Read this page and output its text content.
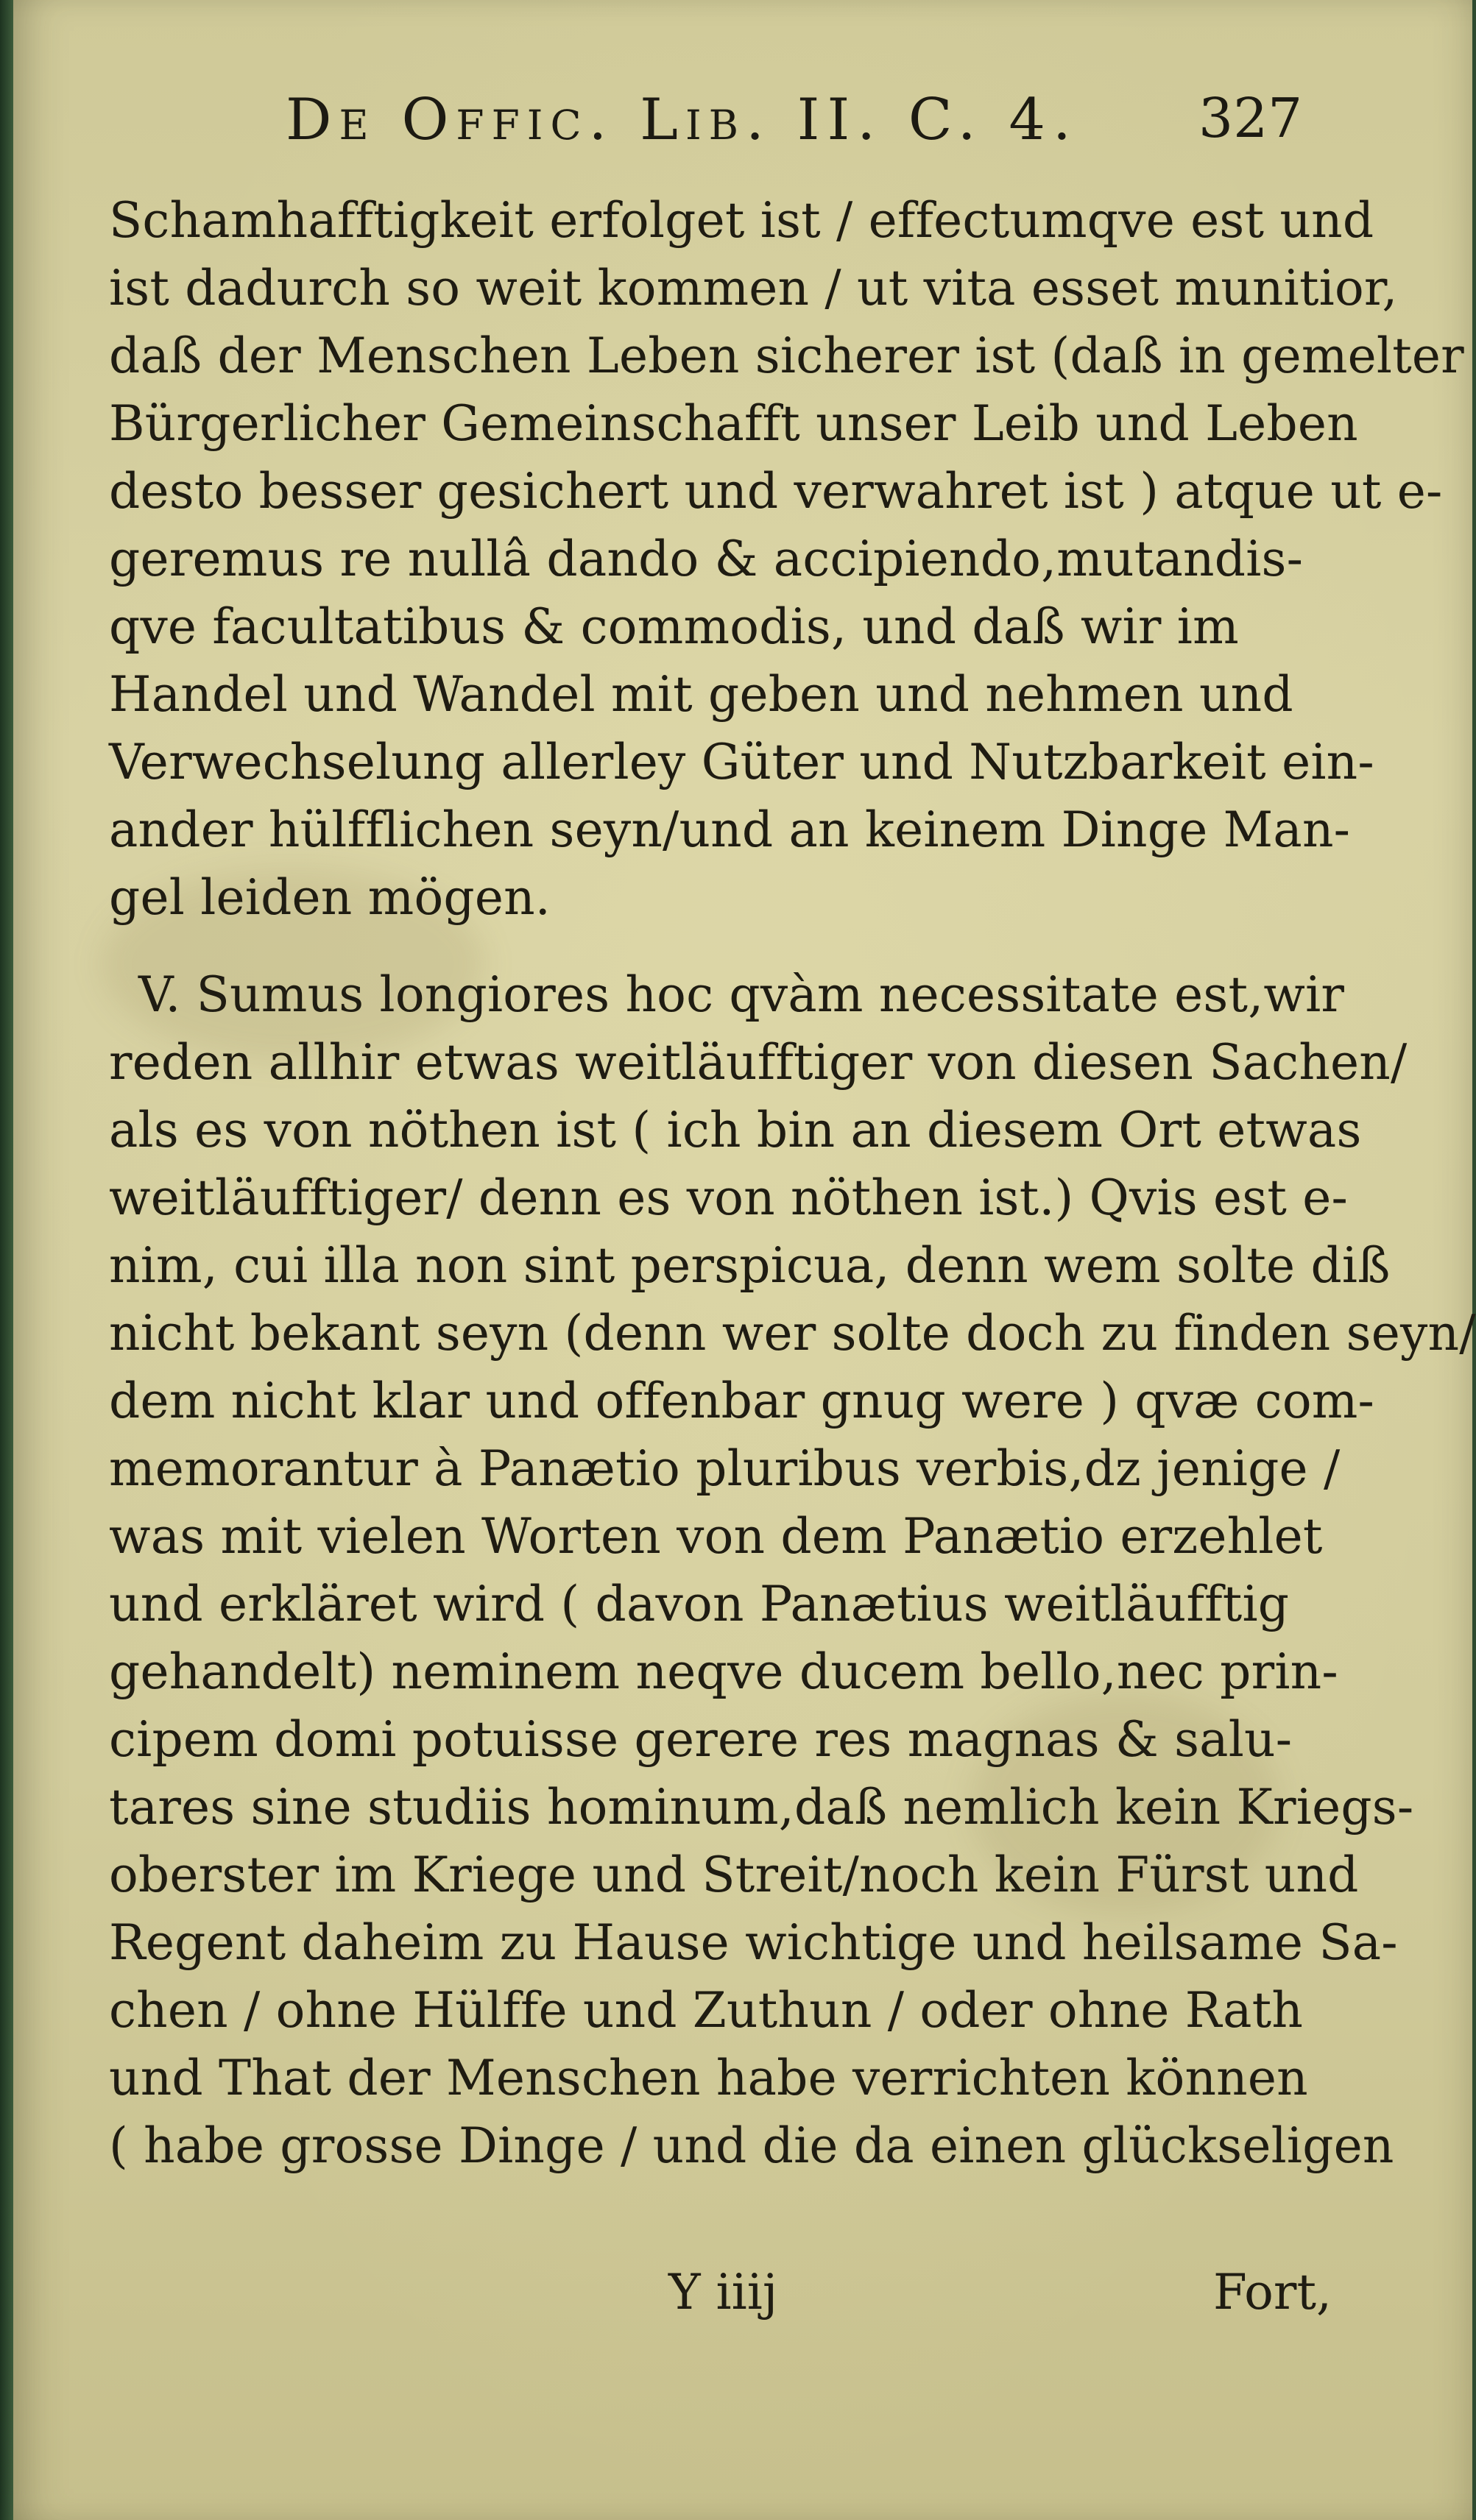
De Offic. Lib. II. C. 4. 327
Schamhafftigkeit erfolget ist / effectumqve est und
ist dadurch so weit kommen / ut vita esset munitior,
daß der Menschen Leben sicherer ist (daß in gemelter
Bürgerlicher Gemeinschafft unser Leib und Leben
desto besser gesichert und verwahret ist ) atque ut e-
geremus re nullâ dando & accipiendo,mutandis-
qve facultatibus & commodis, und daß wir im
Handel und Wandel mit geben und nehmen und
Verwechselung allerley Güter und Nutzbarkeit ein-
ander hülfflichen seyn/und an keinem Dinge Man-
gel leiden mögen.
V. Sumus longiores hoc qvàm necessitate est,wir
reden allhir etwas weitläufftiger von diesen Sachen/
als es von nöthen ist ( ich bin an diesem Ort etwas
weitläufftiger/ denn es von nöthen ist.) Qvis est e-
nim, cui illa non sint perspicua, denn wem solte diß
nicht bekant seyn (denn wer solte doch zu finden seyn/
dem nicht klar und offenbar gnug were ) qvæ com-
memorantur à Panætio pluribus verbis,dz jenige /
was mit vielen Worten von dem Panætio erzehlet
und erkläret wird ( davon Panætius weitläufftig
gehandelt) neminem neqve ducem bello,nec prin-
cipem domi potuisse gerere res magnas & salu-
tares sine studiis hominum,daß nemlich kein Kriegs-
oberster im Kriege und Streit/noch kein Fürst und
Regent daheim zu Hause wichtige und heilsame Sa-
chen / ohne Hülffe und Zuthun / oder ohne Rath
und That der Menschen habe verrichten können
( habe grosse Dinge / und die da einen glückseligen
Y iiij	Fort,
